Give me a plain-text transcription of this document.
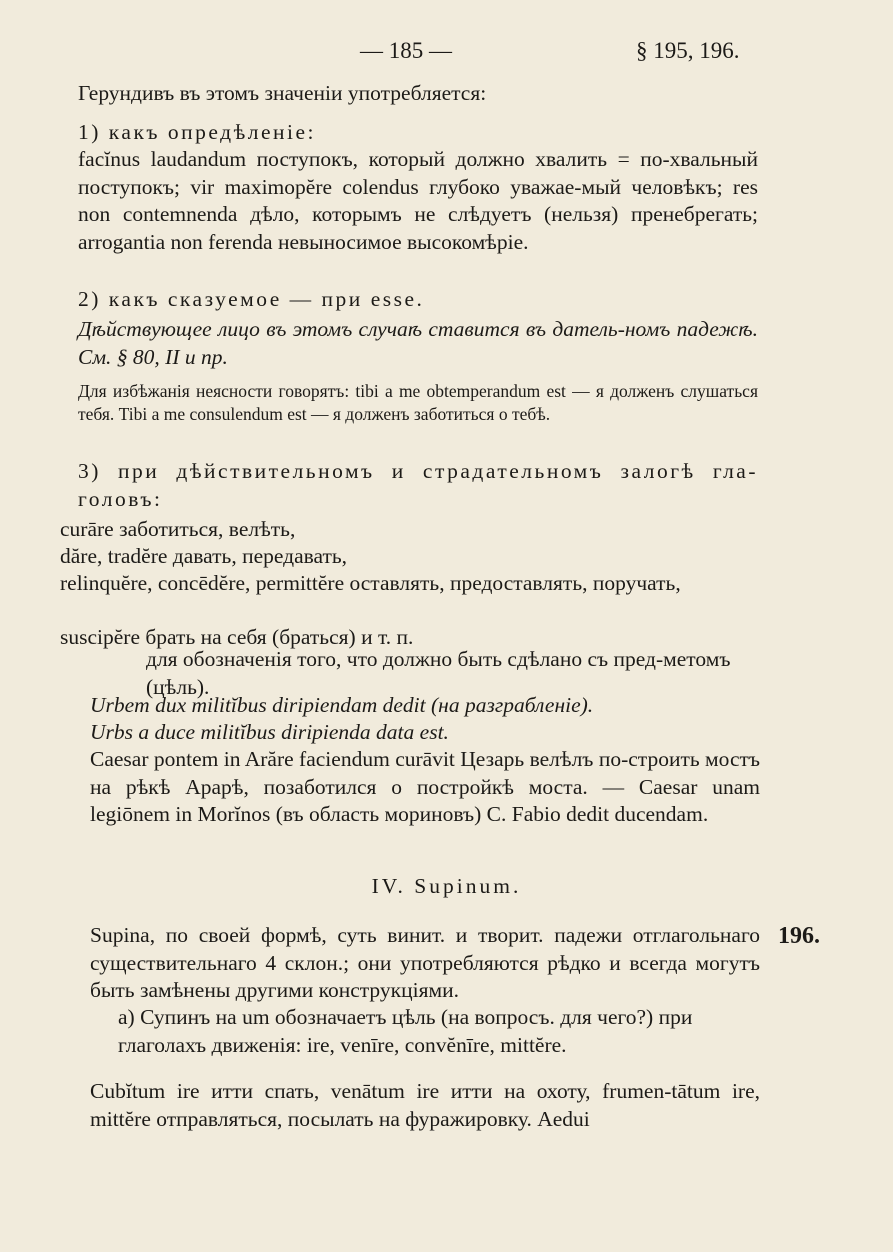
— 185 —	§ 195, 196.

Герундивъ въ этомъ значеніи употребляется:

1) какъ опредѣленіе:

facĭnus laudandum поступокъ, который должно хвалить = по-хвальный поступокъ; vir maximopĕre colendus глубоко уважае-мый человѣкъ; res non contemnenda дѣло, которымъ не слѣдуетъ (нельзя) пренебрегать; arrogantia non ferenda невыносимое высокомѣріе.

2) какъ сказуемое — при esse.

Дѣйствующее лицо въ этомъ случаѣ ставится въ датель-номъ падежѣ. См. § 80, II и пр.

Для избѣжанія неясности говорятъ: tibi a me obtemperandum est — я долженъ слушаться тебя. Tibi a me consulendum est — я долженъ заботиться о тебѣ.

3) при дѣйствительномъ и страдательномъ залогѣ гла-головъ:

curāre заботиться, велѣть,

dăre, tradĕre давать, передавать,

relinquĕre, concēdĕre, permittĕre оставлять, предоставлять, поручать,

suscipĕre брать на себя (браться) и т. п.

для обозначенія того, что должно быть сдѣлано съ пред-метомъ (цѣль).

Urbem dux militĭbus diripiendam dedit (на разграбленіе).

Urbs a duce militĭbus diripienda data est.

Caesar pontem in Arăre faciendum curāvit Цезарь велѣлъ по-строить мостъ на рѣкѣ Арарѣ, позаботился о постройкѣ моста. — Caesar unam legiōnem in Morĭnos (въ область мориновъ) C. Fabio dedit ducendam.

IV. Supinum.

Supina, по своей формѣ, суть винит. и творит. падежи отглагольнаго существительнаго 4 склон.; они употребляются рѣдко и всегда могутъ быть замѣнены другими конструкціями.

196.

a) Супинъ на um обозначаетъ цѣль (на вопросъ. для чего?) при глаголахъ движенія: ire, venīre, convĕnīre, mittĕre.

Cubĭtum ire итти спать, venātum ire итти на охоту, frumen-tātum ire, mittĕre отправляться, посылать на фуражировку. Aedui
